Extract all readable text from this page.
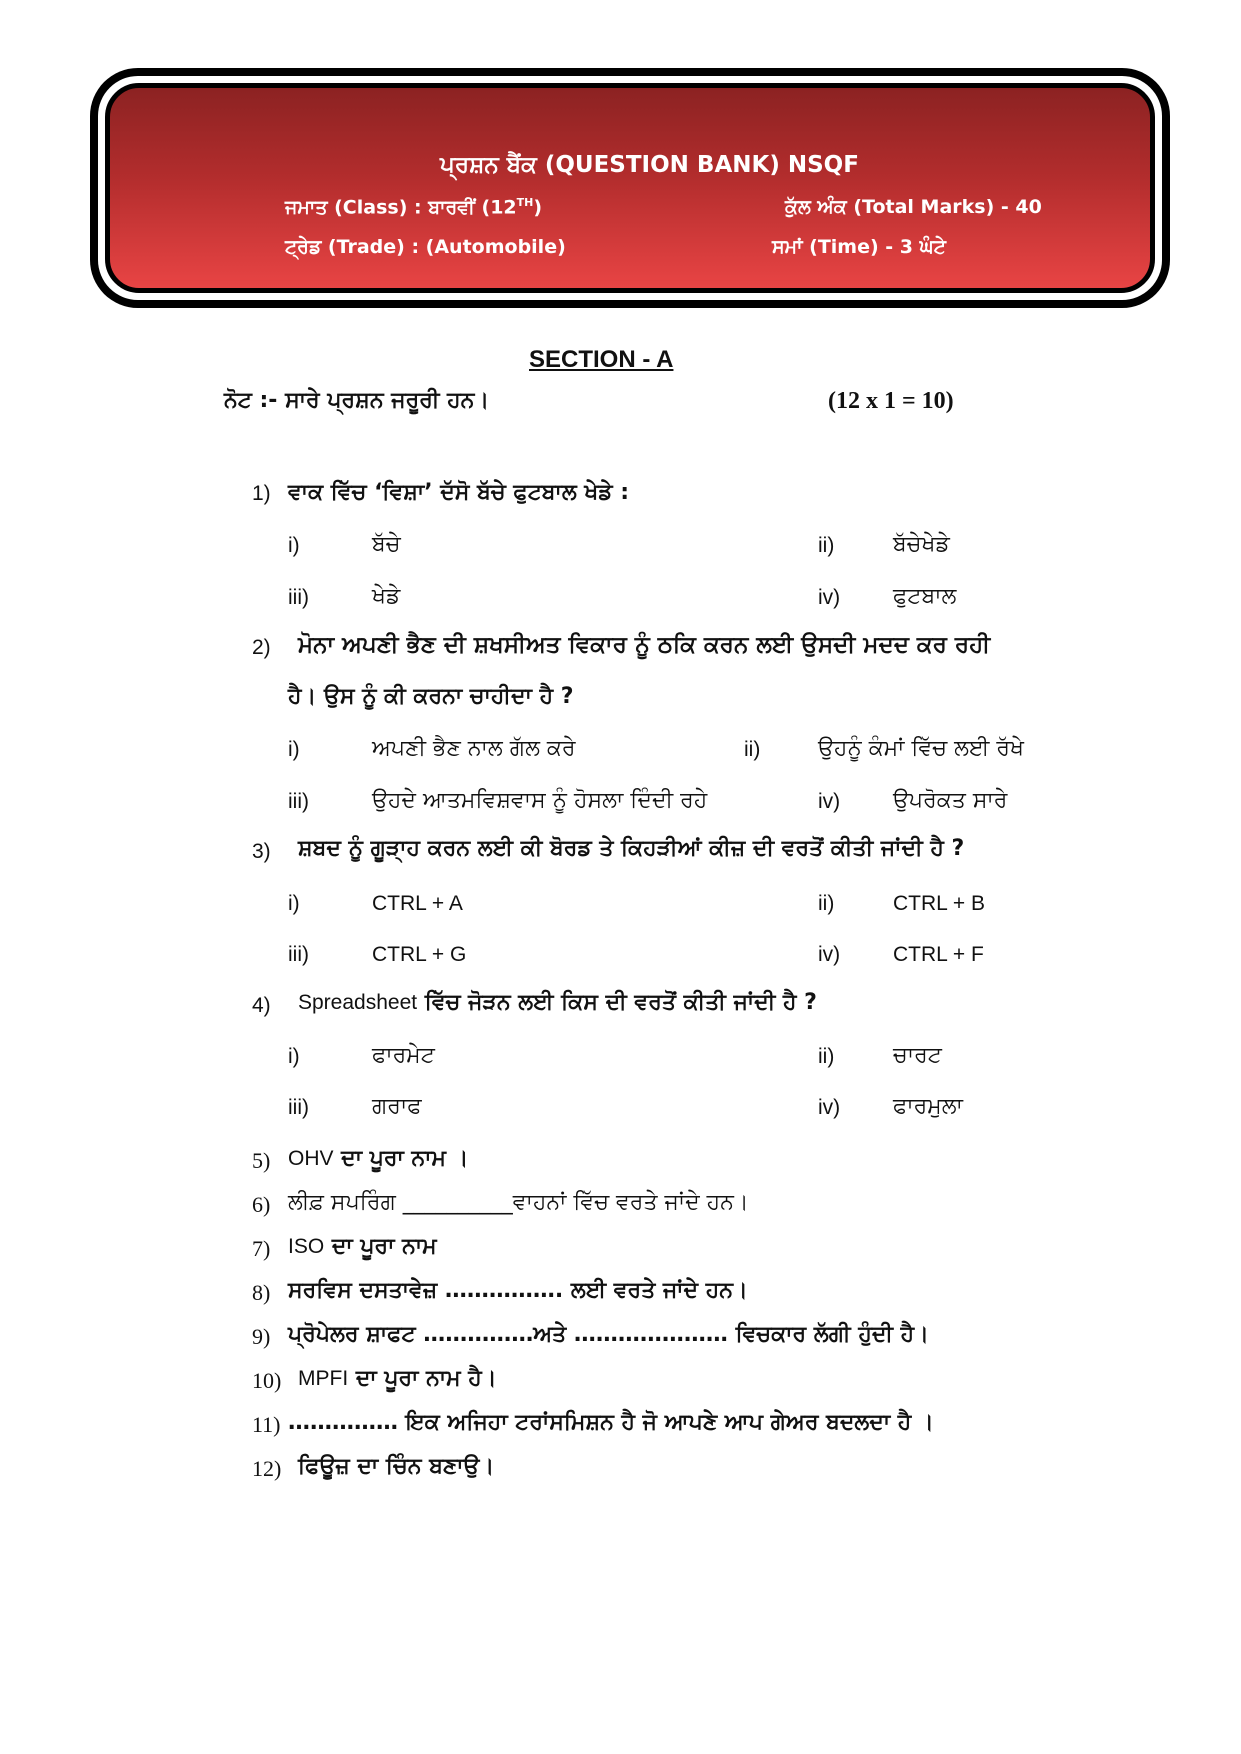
ਪ੍ਰਸ਼ਨ ਬੈਂਕ (QUESTION BANK) NSQF
ਜਮਾਤ (Class) : ਬਾਰਵੀਂ (12TH)	ਕੁੱਲ ਅੰਕ (Total Marks) - 40
ਟ੍ਰੇਡ (Trade) : (Automobile)	ਸਮਾਂ (Time) - 3 ਘੰਟੇ
SECTION - A
ਨੋਟ :- ਸਾਰੇ ਪ੍ਰਸ਼ਨ ਜਰੂਰੀ ਹਨ।	(12 x 1 = 10)
1) ਵਾਕ ਵਿੱਚ ‘ਵਿਸ਼ਾ’ ਦੱਸੋ ਬੱਚੇ ਫੁਟਬਾਲ ਖੇਡੇ :
i)	ਬੱਚੇ	ii)	ਬੱਚੇਖੇਡੇ
iii)	ਖੇਡੇ	iv) ਫੁਟਬਾਲ
2) ਮੋਨਾ ਅਪਣੀ ਭੈਣ ਦੀ ਸ਼ਖਸੀਅਤ ਵਿਕਾਰ ਨੂੰ ਠਕਿ ਕਰਨ ਲਈ ਉਸਦੀ ਮਦਦ ਕਰ ਰਹੀ
ਹੈ। ਉਸ ਨੂੰ ਕੀ ਕਰਨਾ ਚਾਹੀਦਾ ਹੈ ?
i)	ਅਪਣੀ ਭੈਣ ਨਾਲ ਗੱਲ ਕਰੇ	ii)	ਉਹਨੂੰ ਕੰਮਾਂ ਵਿੱਚ ਲਈ ਰੱਖੇ
iii)	ਉਹਦੇ ਆਤਮਵਿਸ਼ਵਾਸ ਨੂੰ ਹੋਸਲਾ ਦਿੰਦੀ ਰਹੇ	iv) ਉਪਰੋਕਤ ਸਾਰੇ
3) ਸ਼ਬਦ ਨੂੰ ਗੂੜਾ੍ਹ ਕਰਨ ਲਈ ਕੀ ਬੋਰਡ ਤੇ ਕਿਹੜੀਆਂ ਕੀਜ਼ ਦੀ ਵਰਤੋਂ ਕੀਤੀ ਜਾਂਦੀ ਹੈ ?
i)	CTRL + A	ii)	CTRL + B
iii)	CTRL + G	iv)	CTRL + F
4) Spreadsheet ਵਿੱਚ ਜੋੜਨ ਲਈ ਕਿਸ ਦੀ ਵਰਤੋਂ ਕੀਤੀ ਜਾਂਦੀ ਹੈ ?
i)	ਫਾਰਮੇਟ	ii)	ਚਾਰਟ
iii)	ਗਰਾਫ	iv) ਫਾਰਮੁਲਾ
5) OHV ਦਾ ਪੂਰਾ ਨਾਮ ।
6) ਲੀਫ਼ ਸਪਰਿੰਗ __________ਵਾਹਨਾਂ ਵਿੱਚ ਵਰਤੇ ਜਾਂਦੇ ਹਨ।
7) ISO ਦਾ ਪੂਰਾ ਨਾਮ
8) ਸਰਵਿਸ ਦਸਤਾਵੇਜ਼ ……………. ਲਈ ਵਰਤੇ ਜਾਂਦੇ ਹਨ।
9) ਪ੍ਰੋਪੇਲਰ ਸ਼ਾਫਟ ……………ਅਤੇ ………………… ਵਿਚਕਾਰ ਲੱਗੀ ਹੁੰਦੀ ਹੈ।
10) MPFI ਦਾ ਪੂਰਾ ਨਾਮ ਹੈ।
11) …………… ਇਕ ਅਜਿਹਾ ਟਰਾਂਸਮਿਸ਼ਨ ਹੈ ਜੋ ਆਪਣੇ ਆਪ ਗੇਅਰ ਬਦਲਦਾ ਹੈ ।
12) ਫਿਊਜ਼ ਦਾ ਚਿੰਨ ਬਣਾਉ।
